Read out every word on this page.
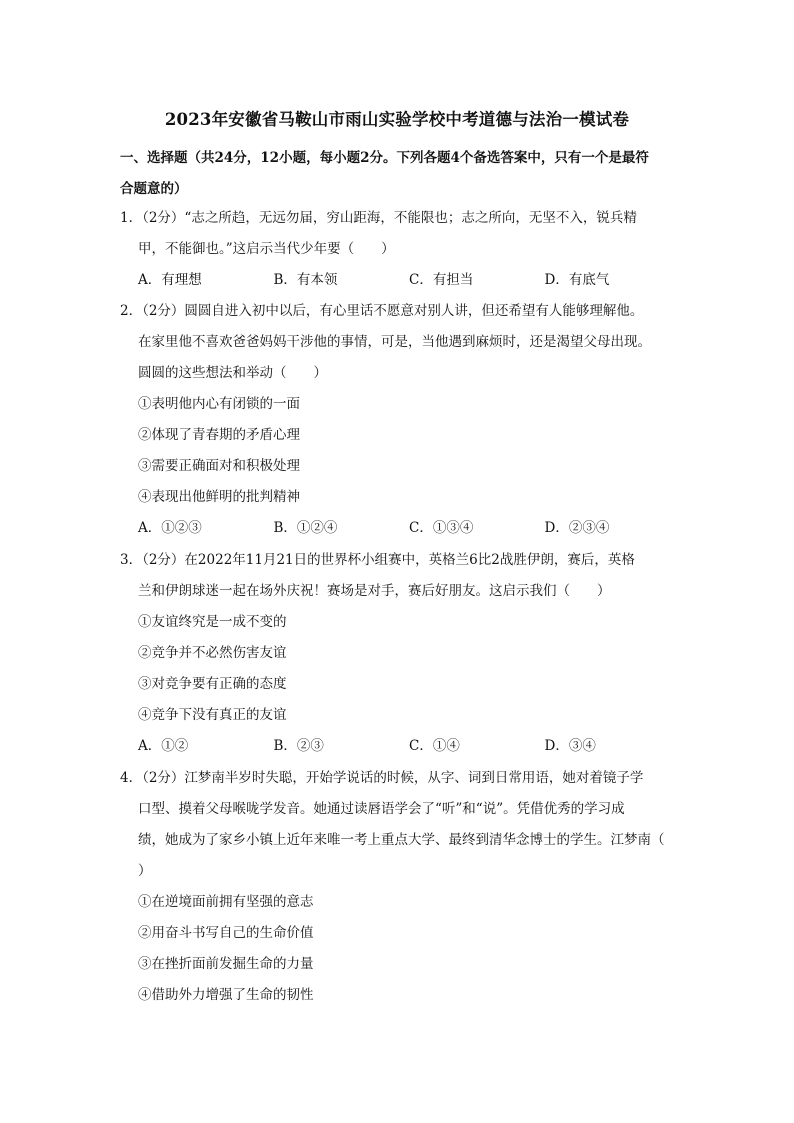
2023年安徽省马鞍山市雨山实验学校中考道德与法治一模试卷
一、选择题（共24分，12小题，每小题2分。下列各题4个备选答案中，只有一个是最符
合题意的）
1．（2分）“志之所趋，无远勿届，穷山距海，不能限也；志之所向，无坚不入，锐兵精
甲，不能御也。”这启示当代少年要（　　）
A．有理想	B．有本领	C．有担当	D．有底气
2．（2分）圆圆自进入初中以后，有心里话不愿意对别人讲，但还希望有人能够理解他。
在家里他不喜欢爸爸妈妈干涉他的事情，可是，当他遇到麻烦时，还是渴望父母出现。
圆圆的这些想法和举动（　　）
①表明他内心有闭锁的一面
②体现了青春期的矛盾心理
③需要正确面对和积极处理
④表现出他鲜明的批判精神
A．①②③	B．①②④	C．①③④	D．②③④
3．（2分）在2022年11月21日的世界杯小组赛中，英格兰6比2战胜伊朗，赛后，英格
兰和伊朗球迷一起在场外庆祝！赛场是对手，赛后好朋友。这启示我们（　　）
①友谊终究是一成不变的
②竞争并不必然伤害友谊
③对竞争要有正确的态度
④竞争下没有真正的友谊
A．①②	B．②③	C．①④	D．③④
4．（2分）江梦南半岁时失聪，开始学说话的时候，从字、词到日常用语，她对着镜子学
口型、摸着父母喉咙学发音。她通过读唇语学会了“听”和“说”。凭借优秀的学习成
绩，她成为了家乡小镇上近年来唯一考上重点大学、最终到清华念博士的学生。江梦南（
）
①在逆境面前拥有坚强的意志
②用奋斗书写自己的生命价值
③在挫折面前发掘生命的力量
④借助外力增强了生命的韧性
